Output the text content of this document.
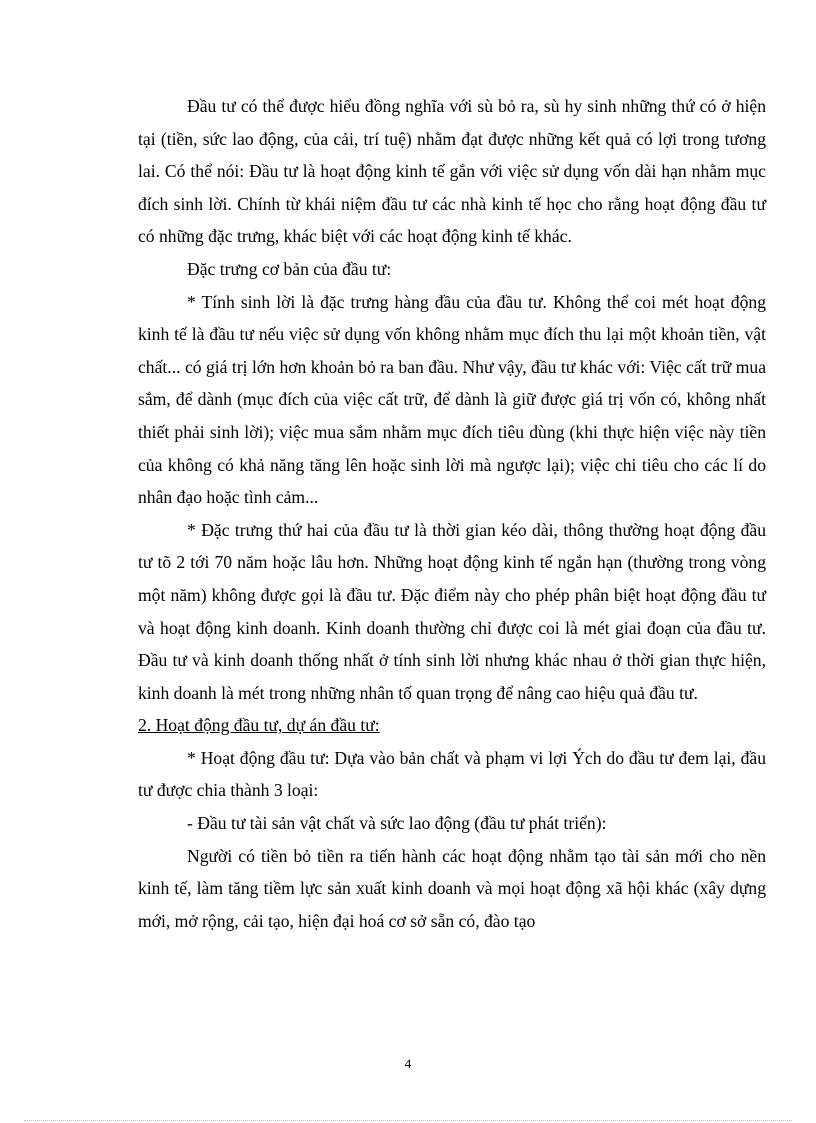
Đầu tư có thể được hiểu đồng nghĩa với sù bỏ ra, sù hy sinh những thứ có ở hiện tại (tiền, sức lao động, của cải, trí tuệ) nhằm đạt được những kết quả có lợi trong tương lai. Có thể nói: Đầu tư là hoạt động kinh tế gắn với việc sử dụng vốn dài hạn nhằm mục đích sinh lời. Chính từ khái niệm đầu tư các nhà kinh tế học cho rằng hoạt động đầu tư có những đặc trưng, khác biệt với các hoạt động kinh tế khác.

Đặc trưng cơ bản của đầu tư:

* Tính sinh lời là đặc trưng hàng đầu của đầu tư. Không thể coi mét hoạt động kinh tế là đầu tư nếu việc sử dụng vốn không nhằm mục đích thu lại một khoản tiền, vật chất... có giá trị lớn hơn khoản bỏ ra ban đầu. Như vậy, đầu tư khác với: Việc cất trữ mua sắm, để dành (mục đích của việc cất trữ, để dành là giữ được giá trị vốn có, không nhất thiết phải sinh lời); việc mua sắm nhằm mục đích tiêu dùng (khi thực hiện việc này tiền của không có khả năng tăng lên hoặc sinh lời mà ngược lại); việc chi tiêu cho các lí do nhân đạo hoặc tình cảm...

* Đặc trưng thứ hai của đầu tư là thời gian kéo dài, thông thường hoạt động đầu tư tõ 2 tới 70 năm hoặc lâu hơn. Những hoạt động kinh tế ngắn hạn (thường trong vòng một năm) không được gọi là đầu tư. Đặc điểm này cho phép phân biệt hoạt động đầu tư và hoạt động kinh doanh. Kinh doanh thường chỉ được coi là mét giai đoạn của đầu tư. Đầu tư và kinh doanh thống nhất ở tính sinh lời nhưng khác nhau ở thời gian thực hiện, kinh doanh là mét trong những nhân tố quan trọng để nâng cao hiệu quả đầu tư.

2. Hoạt động đầu tư, dự án đầu tư:

* Hoạt động đầu tư: Dựa vào bản chất và phạm vi lợi Ých do đầu tư đem lại, đầu tư được chia thành 3 loại:

- Đầu tư tài sản vật chất và sức lao động (đầu tư phát triển):

Người có tiền bỏ tiền ra tiến hành các hoạt động nhằm tạo tài sản mới cho nền kinh tế, làm tăng tiềm lực sản xuất kinh doanh và mọi hoạt động xã hội khác (xây dựng mới, mở rộng, cải tạo, hiện đại hoá cơ sở sẵn có, đào tạo

4
